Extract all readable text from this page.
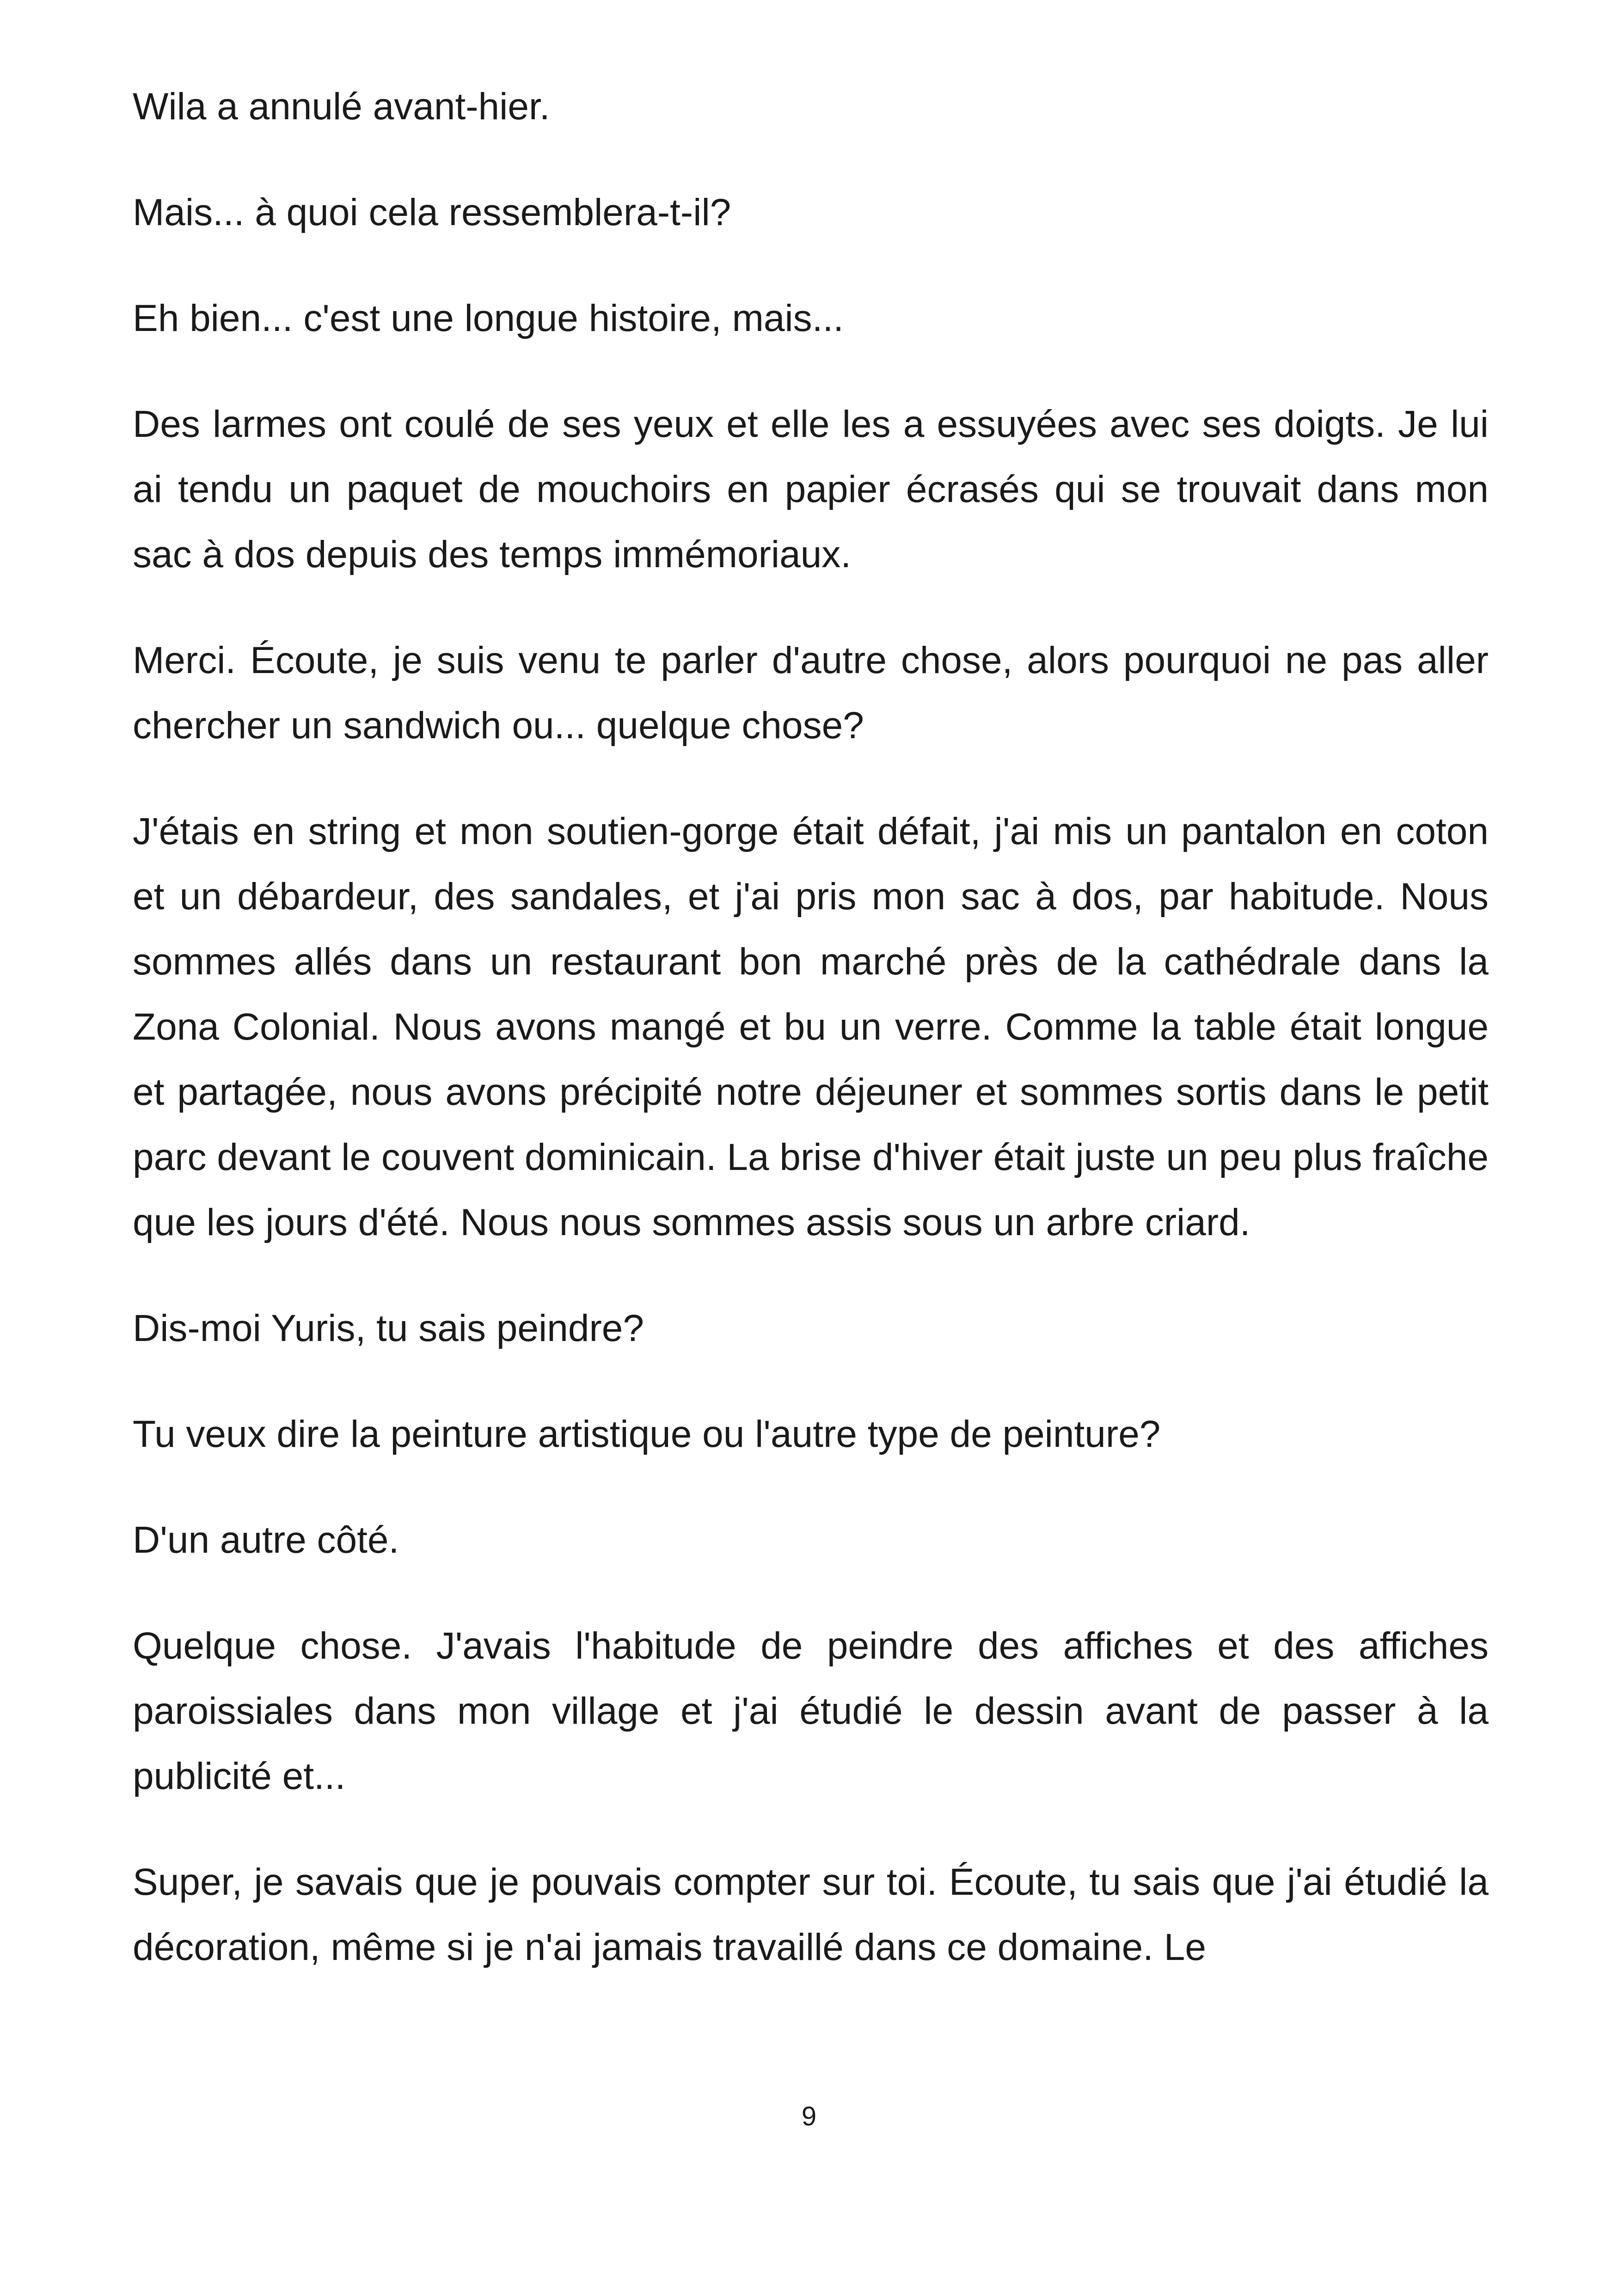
Wila a annulé avant-hier.

Mais... à quoi cela ressemblera-t-il?

Eh bien... c'est une longue histoire, mais...

Des larmes ont coulé de ses yeux et elle les a essuyées avec ses doigts. Je lui ai tendu un paquet de mouchoirs en papier écrasés qui se trouvait dans mon sac à dos depuis des temps immémoriaux.

Merci. Écoute, je suis venu te parler d'autre chose, alors pourquoi ne pas aller chercher un sandwich ou... quelque chose?

J'étais en string et mon soutien-gorge était défait, j'ai mis un pantalon en coton et un débardeur, des sandales, et j'ai pris mon sac à dos, par habitude. Nous sommes allés dans un restaurant bon marché près de la cathédrale dans la Zona Colonial. Nous avons mangé et bu un verre. Comme la table était longue et partagée, nous avons précipité notre déjeuner et sommes sortis dans le petit parc devant le couvent dominicain. La brise d'hiver était juste un peu plus fraîche que les jours d'été. Nous nous sommes assis sous un arbre criard.

Dis-moi Yuris, tu sais peindre?

Tu veux dire la peinture artistique ou l'autre type de peinture?

D'un autre côté.

Quelque chose. J'avais l'habitude de peindre des affiches et des affiches paroissiales dans mon village et j'ai étudié le dessin avant de passer à la publicité et...

Super, je savais que je pouvais compter sur toi. Écoute, tu sais que j'ai étudié la décoration, même si je n'ai jamais travaillé dans ce domaine. Le

9
